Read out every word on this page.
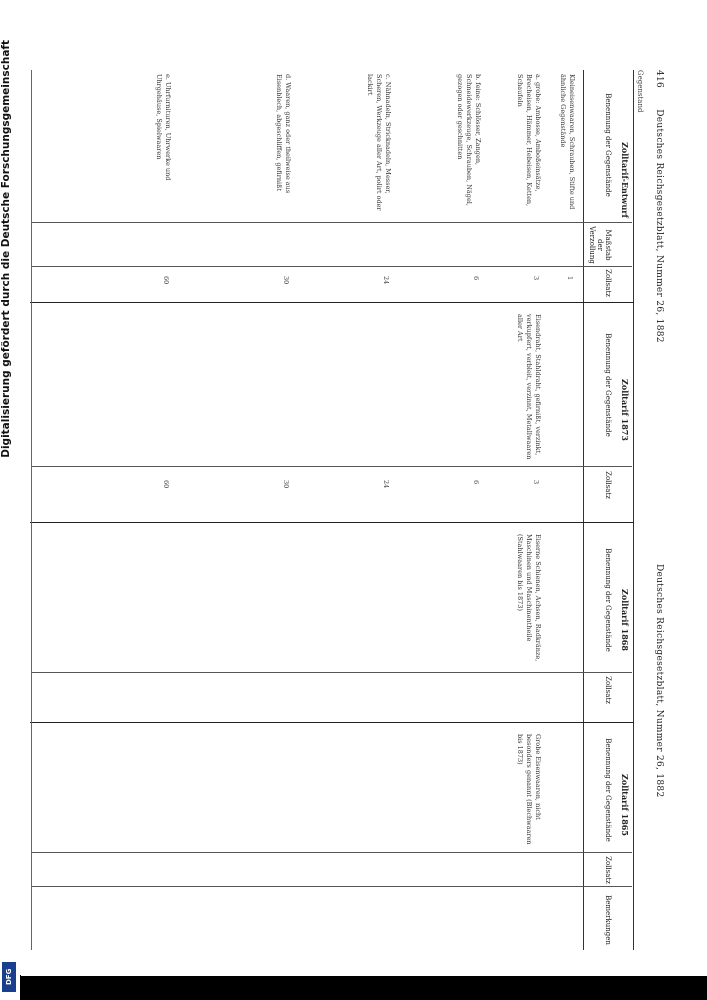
416 Deutsches Reichsgesetzblatt, Nummer 26, 1882 Deutsches Reichsgesetzblatt, Nummer 26, 1882
Gegenstand
Zolltarif-Entwurf
Zolltarif 1873
Zolltarif 1868
Zolltarif 1865
Benennung der Gegenstände
Maßstab der Verzollung
Zollsatz
Benennung der Gegenstände
Zollsatz
Benennung der Gegenstände
Zollsatz
Benennung der Gegenstände
Zollsatz
Bemerkungen
Kleineisenwaaren, Schrauben, Stifte und ähnliche Gegenstände
a. grobe: Ambosse, Amboßeinsätze, Brecheisen, Hämmer, Hebeisen, Ketten, Schaufeln
b. feine: Schlösser, Zangen, Schneidewerkzeuge, Schrauben, Nägel, gezogen oder geschnitten
c. Nähnadeln, Stricknadeln, Messer, Scheren, Werkzeuge aller Art, polirt oder lackirt
d. Waaren, ganz oder theilweise aus Eisenblech, abgeschliffen, gefirnißt
e. Uhrfurnituren, Uhrwerke und Uhrgehäuse, Spielwaaren
1
3
6
24
30
60
Eisendraht, Stahldraht, gefirnißt, verzinkt, verkupfert, verbleit, verzinnt, Metallwaaren aller Art
3
6
24
30
60
Eiserne Schienen, Achsen, Radkränze, Maschinen und Maschinentheile (Stahlwaaren bis 1873)
Grobe Eisenwaaren, nicht besonders genannt (Blechwaaren bis 1873)
Digitalisierung gefördert durch die Deutsche Forschungsgemeinschaft
DFG
